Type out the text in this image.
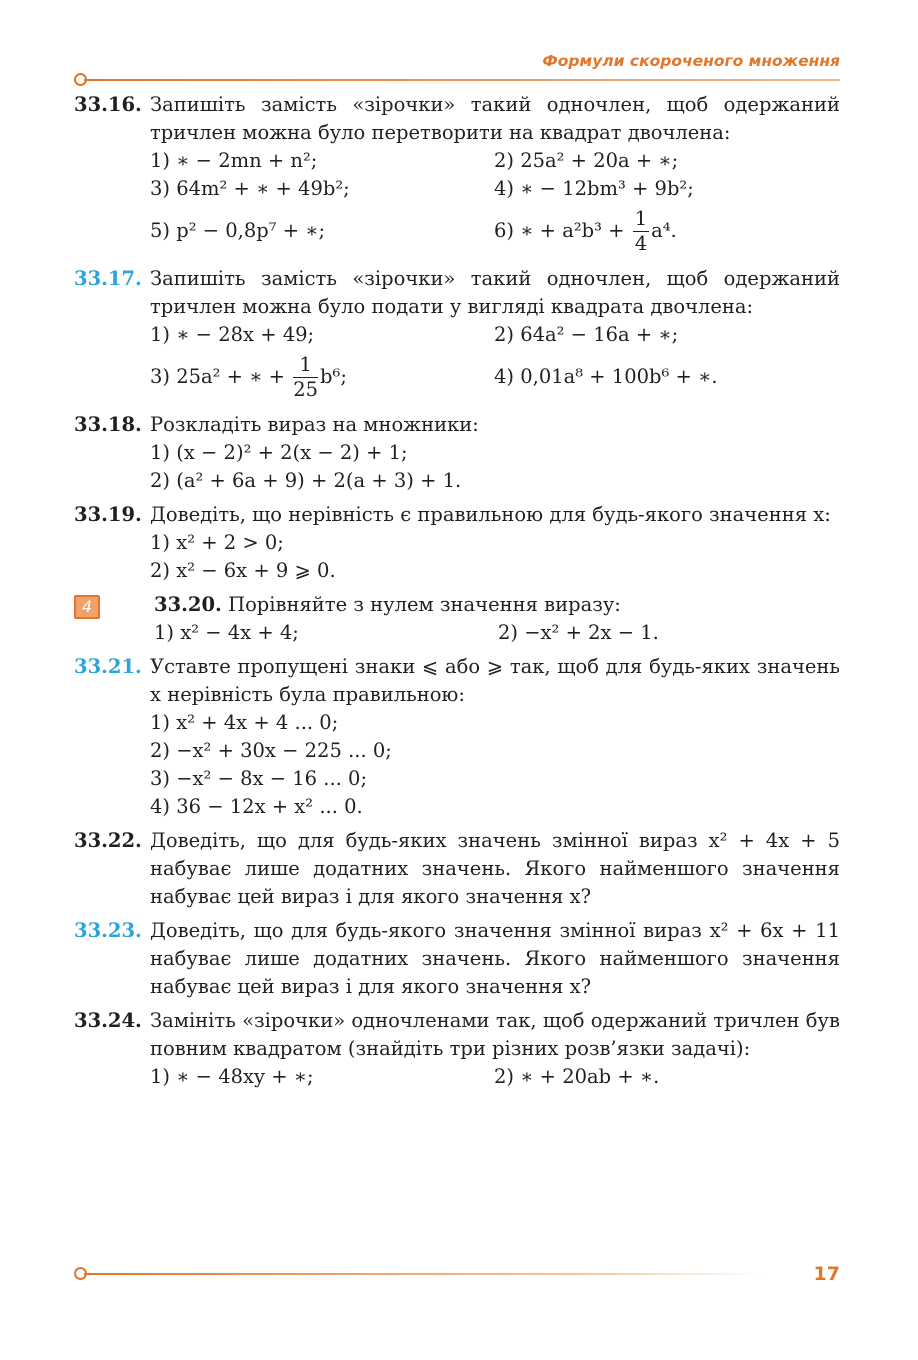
Формули скороченого множення
33.16. Запишіть замість «зірочки» такий одночлен, щоб одержаний тричлен можна було перетворити на квадрат двочлена:
1) ∗ − 2mn + n²;	2) 25a² + 20a + ∗;
3) 64m² + ∗ + 49b²;	4) ∗ − 12bm³ + 9b²;
5) p² − 0,8p⁷ + ∗;	6) ∗ + $a^2b^3 + \frac{1}{4} a^4$.
33.17. Запишіть замість «зірочки» такий одночлен, щоб одержаний тричлен можна було подати у вигляді квадрата двочлена:
1) ∗ − 28x + 49;	2) 64a² − 16a + ∗;
3) 25a² + ∗ + $\frac{1}{25} b^6$;	4) 0,01a⁸ + 100b⁶ + ∗.
33.18. Розкладіть вираз на множники:
1) (x − 2)² + 2(x − 2) + 1;
2) (a² + 6a + 9) + 2(a + 3) + 1.
33.19. Доведіть, що нерівність є правильною для будь-якого значення x:
1) x² + 2 > 0;
2) x² − 6x + 9 ⩾ 0.
4	33.20. Порівняйте з нулем значення виразу:
1) x² − 4x + 4;	2) −x² + 2x − 1.
33.21. Уставте пропущені знаки ⩽ або ⩾ так, щоб для будь-яких значень x нерівність була правильною:
1) x² + 4x + 4 ... 0;
2) −x² + 30x − 225 ... 0;
3) −x² − 8x − 16 ... 0;
4) 36 − 12x + x² ... 0.
33.22. Доведіть, що для будь-яких значень змінної вираз x² + 4x + 5 набуває лише додатних значень. Якого найменшого значення набуває цей вираз і для якого значення x?
33.23. Доведіть, що для будь-якого значення змінної вираз x² + 6x + 11 набуває лише додатних значень. Якого найменшого значення набуває цей вираз і для якого значення x?
33.24. Замініть «зірочки» одночленами так, щоб одержаний тричлен був повним квадратом (знайдіть три різних розв’язки задачі):
1) ∗ − 48xy + ∗;	2) ∗ + 20ab + ∗.
17
